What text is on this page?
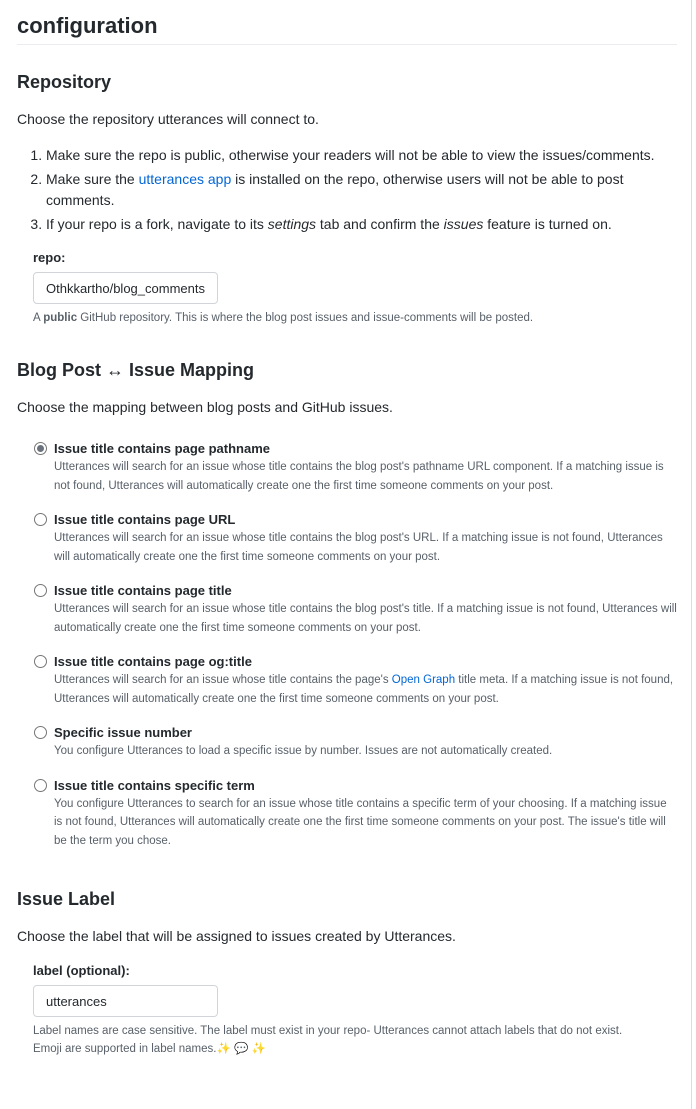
configuration
Repository

Choose the repository utterances will connect to.

1. Make sure the repo is public, otherwise your readers will not be able to view the issues/comments.
2. Make sure the utterances app is installed on the repo, otherwise users will not be able to post comments.
3. If your repo is a fork, navigate to its settings tab and confirm the issues feature is turned on.

repo:

Othkkartho/blog_comments

A public GitHub repository. This is where the blog post issues and issue-comments will be posted.

Blog Post ↔ Issue Mapping

Choose the mapping between blog posts and GitHub issues.

Issue title contains page pathname

Utterances will search for an issue whose title contains the blog post's pathname URL component. If a matching issue is not found, Utterances will automatically create one the first time someone comments on your post.

Issue title contains page URL

Utterances will search for an issue whose title contains the blog post's URL. If a matching issue is not found, Utterances will automatically create one the first time someone comments on your post.

Issue title contains page title

Utterances will search for an issue whose title contains the blog post's title. If a matching issue is not found, Utterances will automatically create one the first time someone comments on your post.

Issue title contains page og:title

Utterances will search for an issue whose title contains the page's Open Graph title meta. If a matching issue is not found, Utterances will automatically create one the first time someone comments on your post.

Specific issue number

You configure Utterances to load a specific issue by number. Issues are not automatically created.

Issue title contains specific term

You configure Utterances to search for an issue whose title contains a specific term of your choosing. If a matching issue is not found, Utterances will automatically create one the first time someone comments on your post. The issue's title will be the term you chose.

Issue Label

Choose the label that will be assigned to issues created by Utterances.

label (optional):

utterances

Label names are case sensitive. The label must exist in your repo- Utterances cannot attach labels that do not exist.
Emoji are supported in label names.✨ 💬 ✨
